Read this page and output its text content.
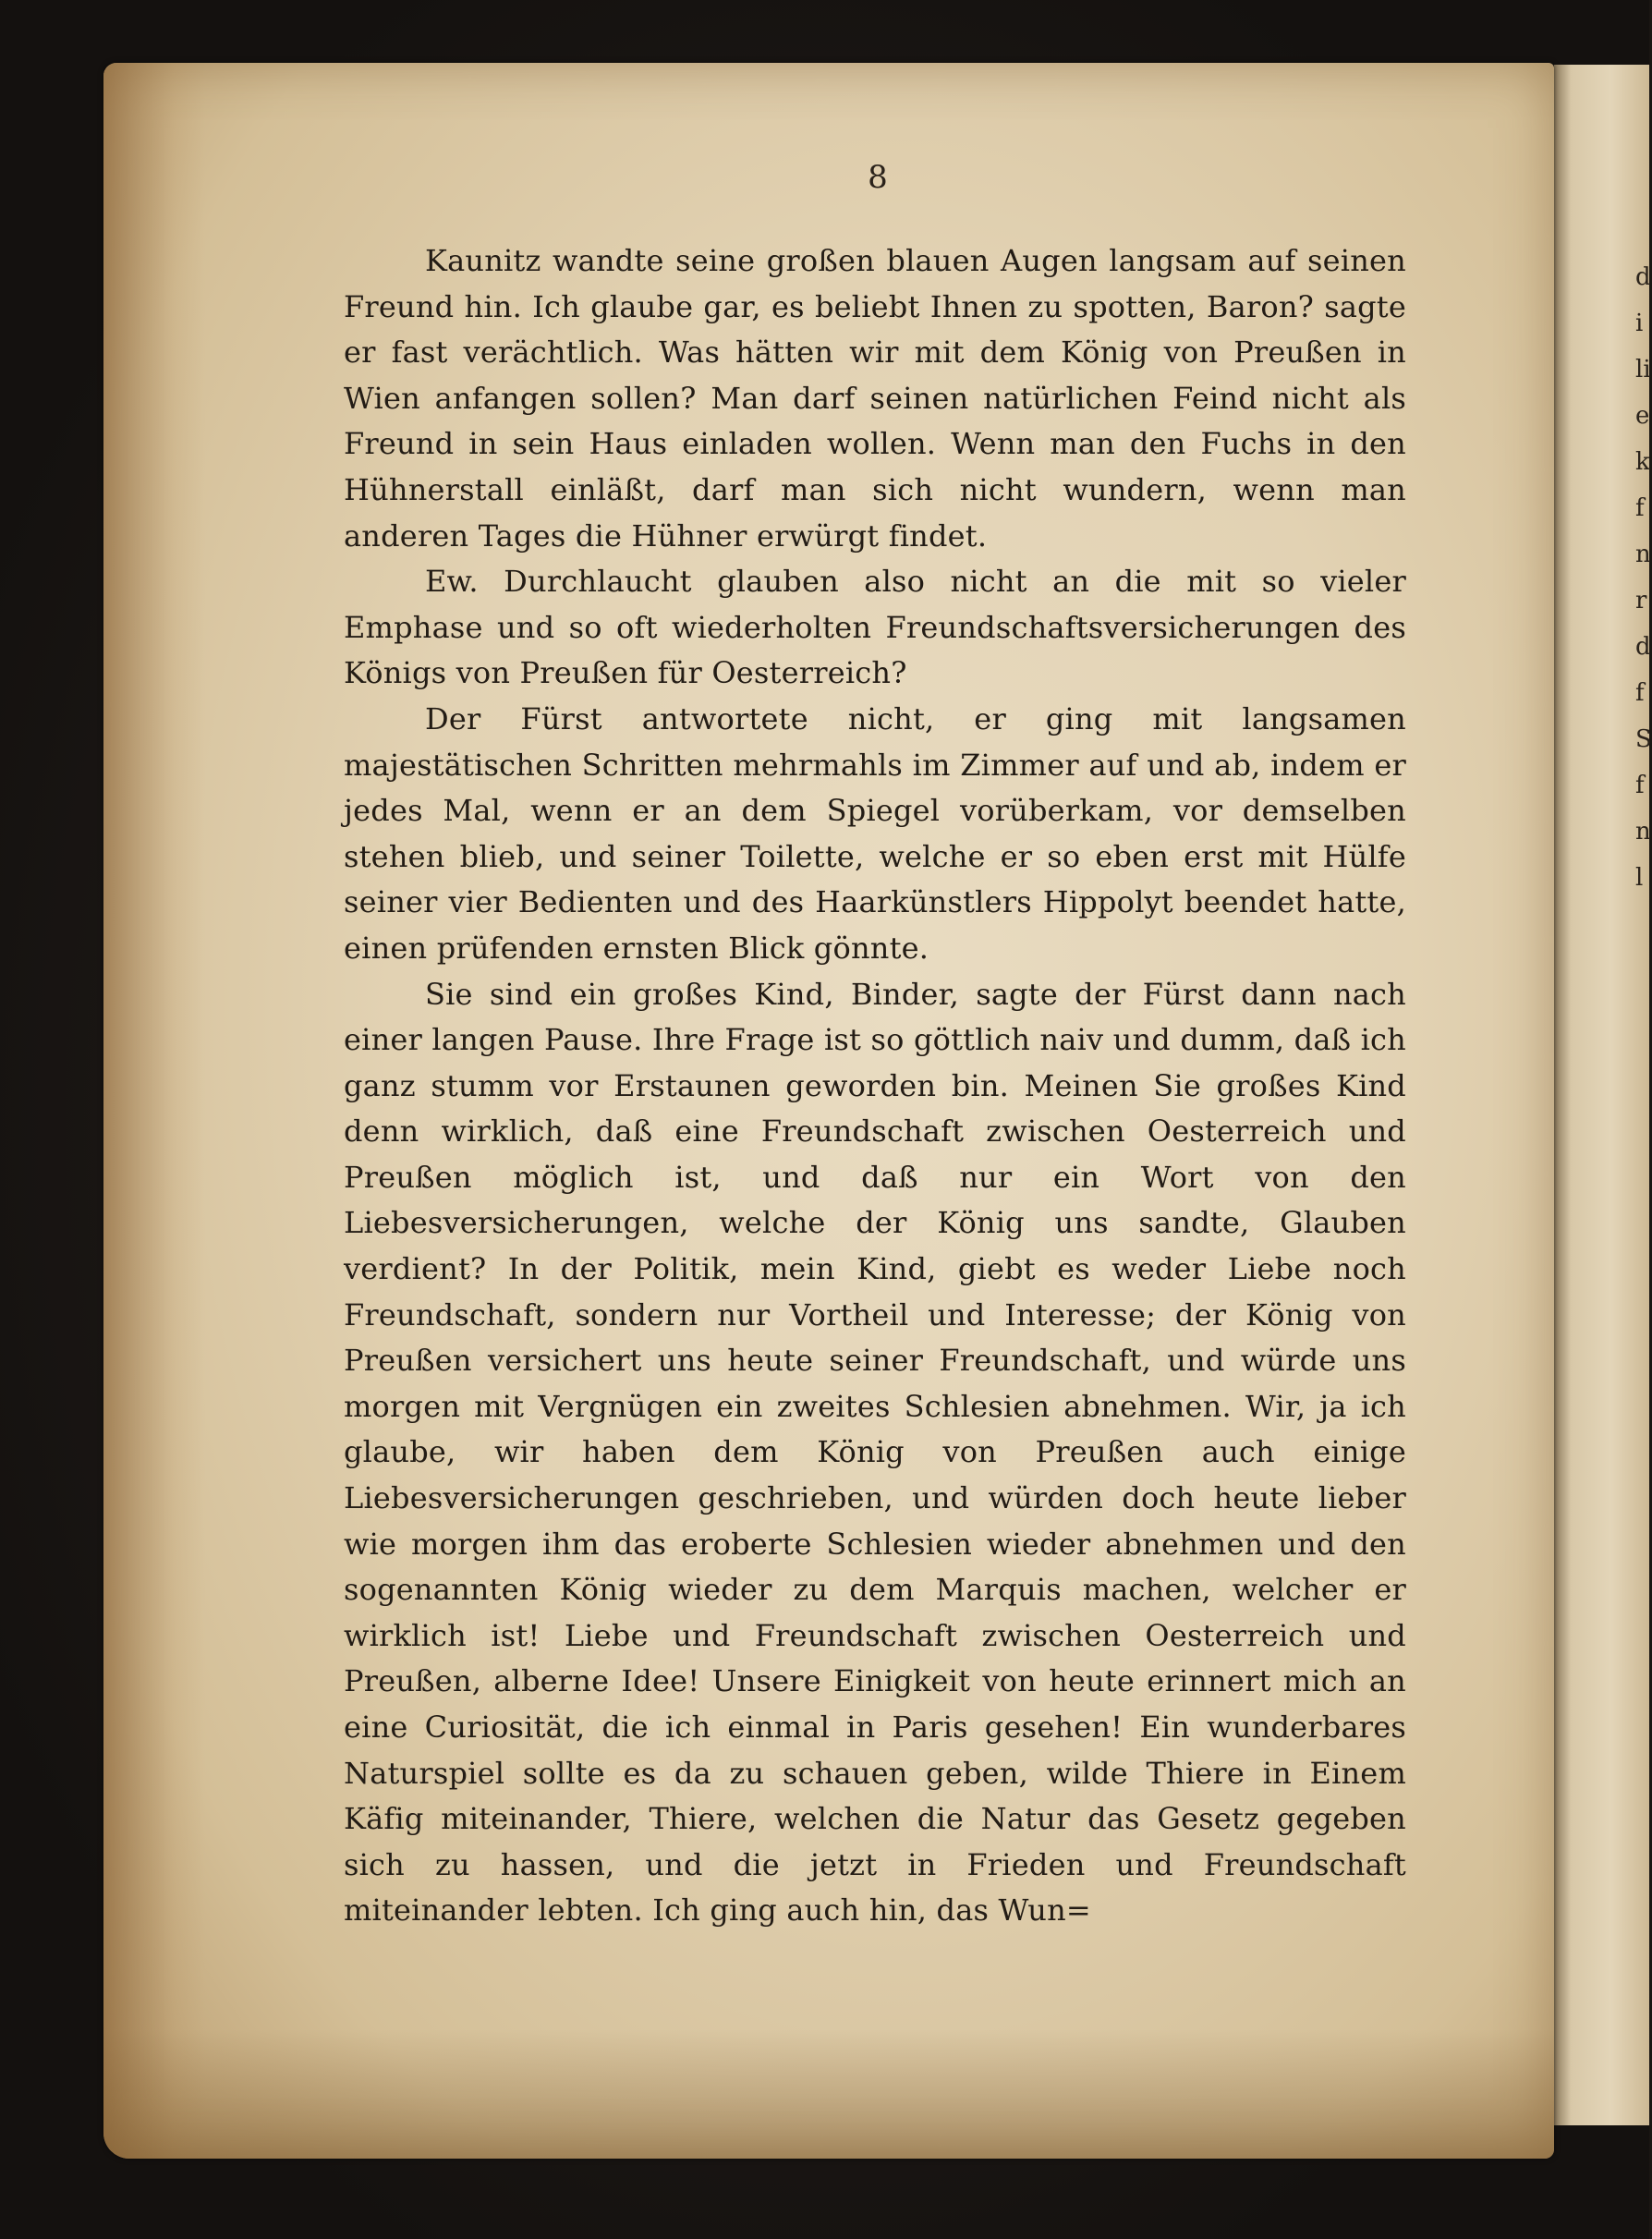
d
i
li
e
k
f
n
r
d
f
S
f
n
l
8

Kaunitz wandte seine großen blauen Augen langsam auf seinen Freund hin. Ich glaube gar, es beliebt Ihnen zu spotten, Baron? sagte er fast verächtlich. Was hätten wir mit dem König von Preußen in Wien anfangen sollen? Man darf seinen natürlichen Feind nicht als Freund in sein Haus einladen wollen. Wenn man den Fuchs in den Hühnerstall einläßt, darf man sich nicht wundern, wenn man anderen Tages die Hühner erwürgt findet.

Ew. Durchlaucht glauben also nicht an die mit so vieler Emphase und so oft wiederholten Freundschaftsversicherungen des Königs von Preußen für Oesterreich?

Der Fürst antwortete nicht, er ging mit langsamen majestätischen Schritten mehrmahls im Zimmer auf und ab, indem er jedes Mal, wenn er an dem Spiegel vorüberkam, vor demselben stehen blieb, und seiner Toilette, welche er so eben erst mit Hülfe seiner vier Bedienten und des Haarkünstlers Hippolyt beendet hatte, einen prüfenden ernsten Blick gönnte.

Sie sind ein großes Kind, Binder, sagte der Fürst dann nach einer langen Pause. Ihre Frage ist so göttlich naiv und dumm, daß ich ganz stumm vor Erstaunen geworden bin. Meinen Sie großes Kind denn wirklich, daß eine Freundschaft zwischen Oesterreich und Preußen möglich ist, und daß nur ein Wort von den Liebesversicherungen, welche der König uns sandte, Glauben verdient? In der Politik, mein Kind, giebt es weder Liebe noch Freundschaft, sondern nur Vortheil und Interesse; der König von Preußen versichert uns heute seiner Freundschaft, und würde uns morgen mit Vergnügen ein zweites Schlesien abnehmen. Wir, ja ich glaube, wir haben dem König von Preußen auch einige Liebesversicherungen geschrieben, und würden doch heute lieber wie morgen ihm das eroberte Schlesien wieder abnehmen und den sogenannten König wieder zu dem Marquis machen, welcher er wirklich ist! Liebe und Freundschaft zwischen Oesterreich und Preußen, alberne Idee! Unsere Einigkeit von heute erinnert mich an eine Curiosität, die ich einmal in Paris gesehen! Ein wunderbares Naturspiel sollte es da zu schauen geben, wilde Thiere in Einem Käfig miteinander, Thiere, welchen die Natur das Gesetz gegeben sich zu hassen, und die jetzt in Frieden und Freundschaft miteinander lebten. Ich ging auch hin, das Wun=
